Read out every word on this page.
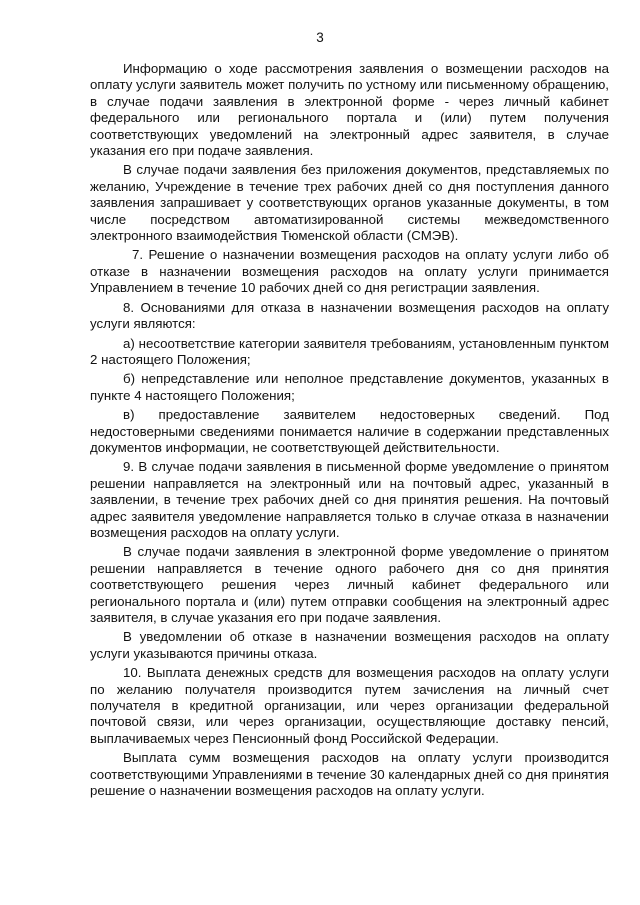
3

Информацию о ходе рассмотрения заявления о возмещении расходов на оплату услуги заявитель может получить по устному или письменному обращению, в случае подачи заявления в электронной форме - через личный кабинет федерального или регионального портала и (или) путем получения соответствующих уведомлений на электронный адрес заявителя, в случае указания его при подаче заявления.

В случае подачи заявления без приложения документов, представляемых по желанию, Учреждение в течение трех рабочих дней со дня поступления данного заявления запрашивает у соответствующих органов указанные документы, в том числе посредством автоматизированной системы межведомственного электронного взаимодействия Тюменской области (СМЭВ).

7. Решение о назначении возмещения расходов на оплату услуги либо об отказе в назначении возмещения расходов на оплату услуги принимается Управлением в течение 10 рабочих дней со дня регистрации заявления.

8. Основаниями для отказа в назначении возмещения расходов на оплату услуги являются:

а) несоответствие категории заявителя требованиям, установленным пунктом 2 настоящего Положения;

б) непредставление или неполное представление документов, указанных в пункте 4 настоящего Положения;

в) предоставление заявителем недостоверных сведений. Под недостоверными сведениями понимается наличие в содержании представленных документов информации, не соответствующей действительности.

9. В случае подачи заявления в письменной форме уведомление о принятом решении направляется на электронный или на почтовый адрес, указанный в заявлении, в течение трех рабочих дней со дня принятия решения. На почтовый адрес заявителя уведомление направляется только в случае отказа в назначении возмещения расходов на оплату услуги.

В случае подачи заявления в электронной форме уведомление о принятом решении направляется в течение одного рабочего дня со дня принятия соответствующего решения через личный кабинет федерального или регионального портала и (или) путем отправки сообщения на электронный адрес заявителя, в случае указания его при подаче заявления.

В уведомлении об отказе в назначении возмещения расходов на оплату услуги указываются причины отказа.

10. Выплата денежных средств для возмещения расходов на оплату услуги по желанию получателя производится путем зачисления на личный счет получателя в кредитной организации, или через организации федеральной почтовой связи, или через организации, осуществляющие доставку пенсий, выплачиваемых через Пенсионный фонд Российской Федерации.

Выплата сумм возмещения расходов на оплату услуги производится соответствующими Управлениями в течение 30 календарных дней со дня принятия решение о назначении возмещения расходов на оплату услуги.
